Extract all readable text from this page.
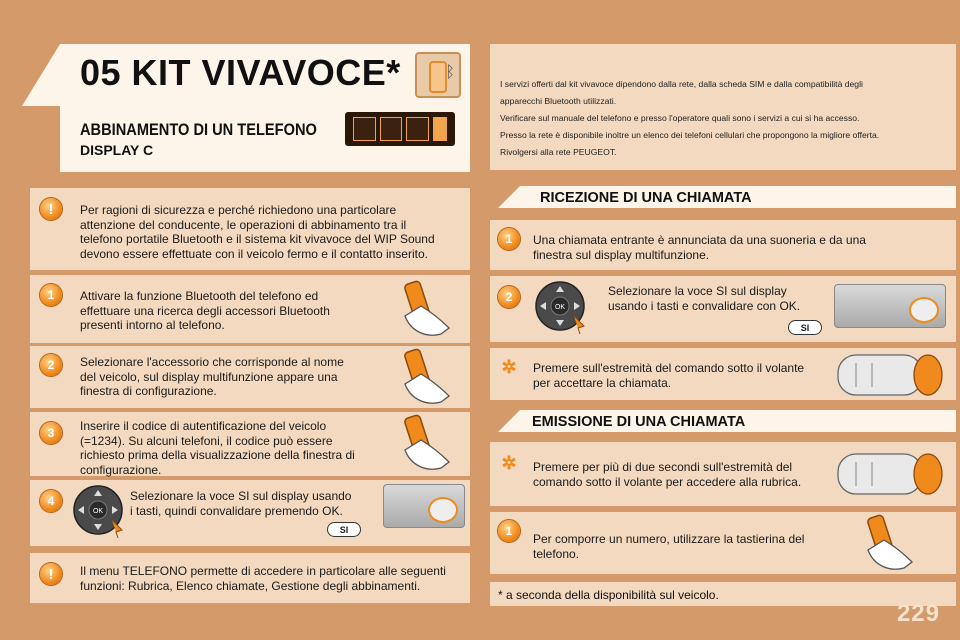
05 KIT VIVAVOCE*
ᛒ
ABBINAMENTO DI UN TELEFONO
DISPLAY C
I servizi offerti dal kit vivavoce dipendono dalla rete, dalla scheda SIM e dalla compatibilità degli
apparecchi Bluetooth utilizzati.
Verificare sul manuale del telefono e presso l'operatore quali sono i servizi a cui si ha accesso.
Presso la rete è disponibile inoltre un elenco dei telefoni cellulari che propongono la migliore offerta.
Rivolgersi alla rete PEUGEOT.
!	Per ragioni di sicurezza e perché richiedono una particolare
attenzione del conducente, le operazioni di abbinamento tra il
telefono portatile Bluetooth e il sistema kit vivavoce del WIP Sound
devono essere effettuate con il veicolo fermo e il contatto inserito.
1	Attivare la funzione Bluetooth del telefono ed
effettuare una ricerca degli accessori Bluetooth
presenti intorno al telefono.
2	Selezionare l'accessorio che corrisponde al nome
del veicolo, sul display multifunzione appare una
finestra di configurazione.
3	Inserire il codice di autentificazione del veicolo
(=1234). Su alcuni telefoni, il codice può essere
richiesto prima della visualizzazione della finestra di
configurazione.
4
OK
Selezionare la voce SI sul display usando
i tasti, quindi convalidare premendo OK.
SI
!	Il menu TELEFONO permette di accedere in particolare alle seguenti
funzioni: Rubrica, Elenco chiamate, Gestione degli abbinamenti.
RICEZIONE DI UNA CHIAMATA
1	Una chiamata entrante è annunciata da una suoneria e da una
finestra sul display multifunzione.
2
OK
Selezionare la voce SI sul display
usando i tasti e convalidare con OK.
SI
✲ Premere sull'estremità del comando sotto il volante
per accettare la chiamata.
EMISSIONE DI UNA CHIAMATA
✲ Premere per più di due secondi sull'estremità del
comando sotto il volante per accedere alla rubrica.
1
Per comporre un numero, utilizzare la tastierina del
telefono.
* a seconda della disponibilità sul veicolo.
229
